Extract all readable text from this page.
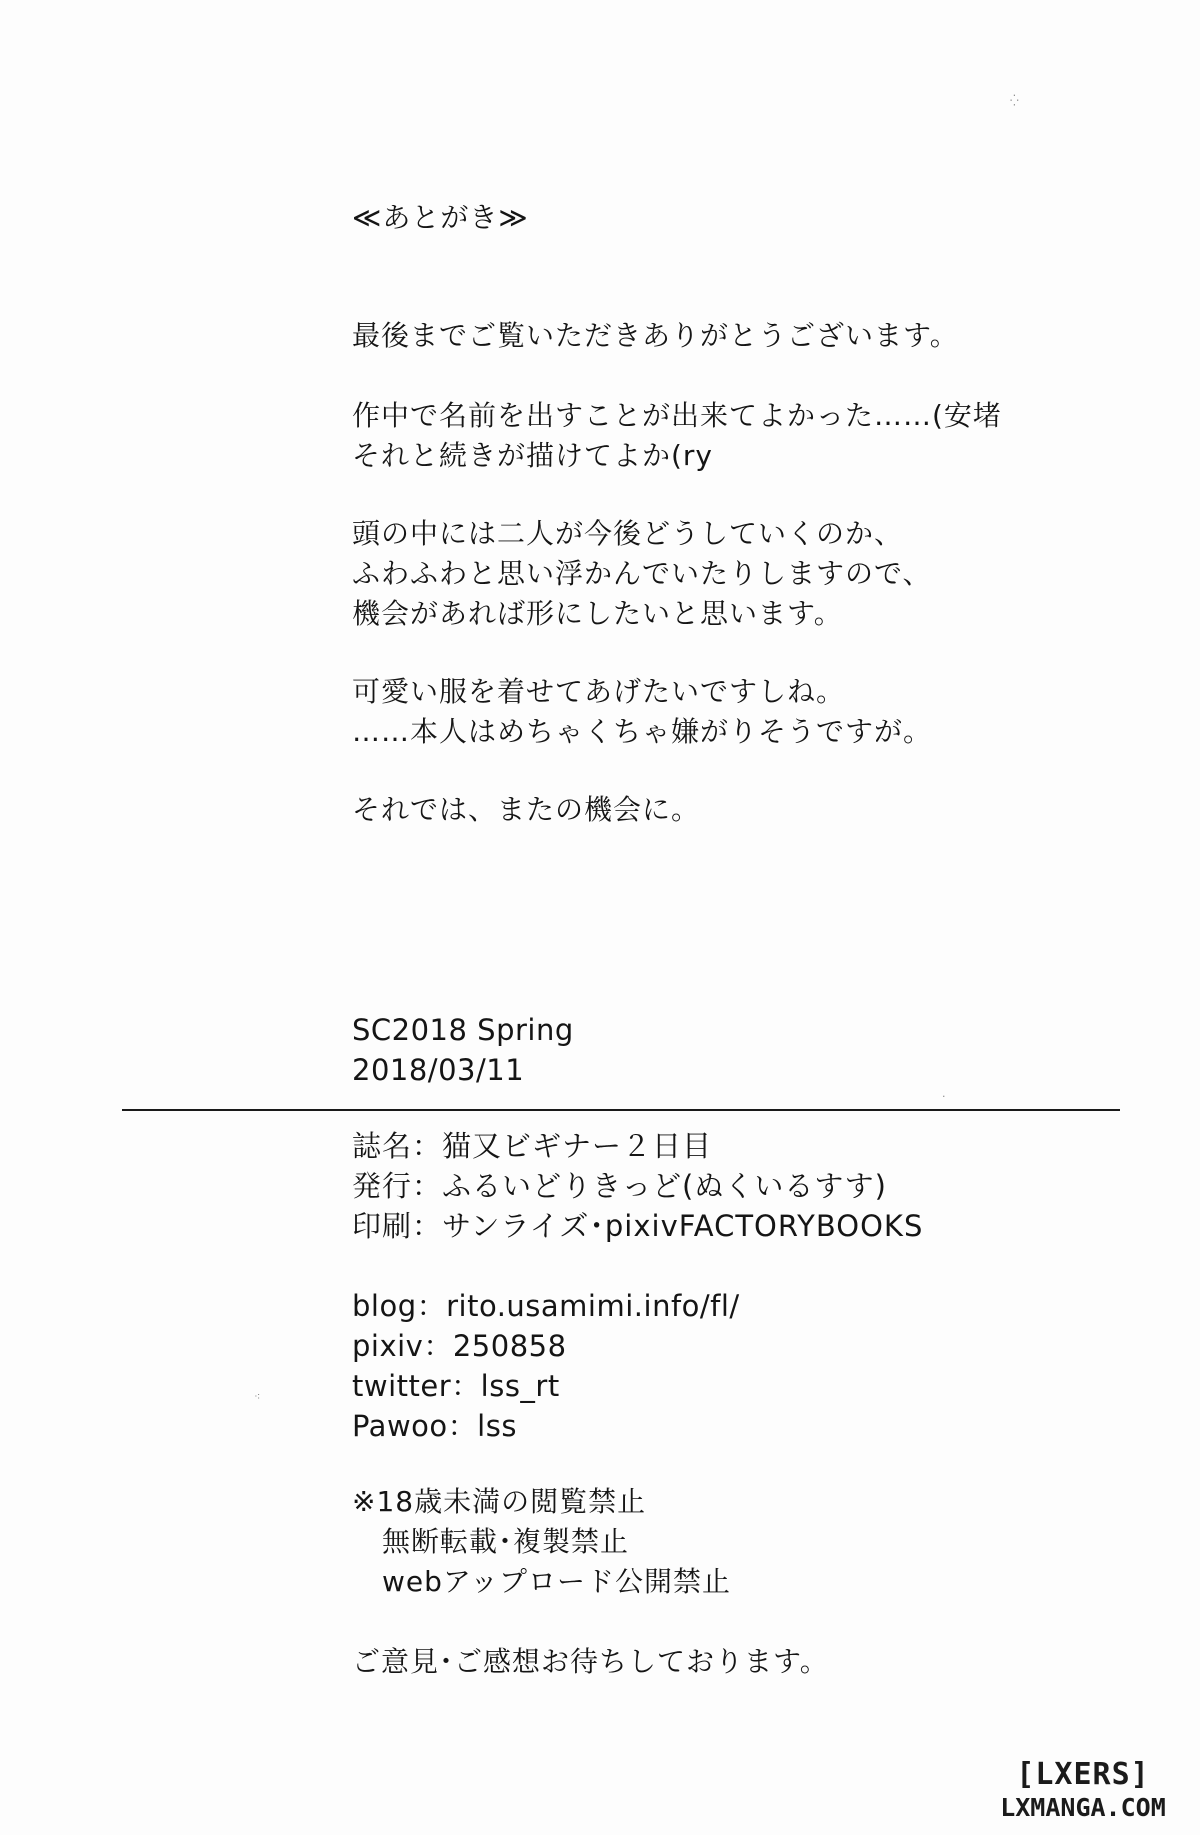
⁛
⁖
·
≪あとがき≫
最後までご覧いただきありがとうございます。
作中で名前を出すことが出来てよかった……(安堵
それと続きが描けてよか(ry
頭の中には二人が今後どうしていくのか、
ふわふわと思い浮かんでいたりしますので、
機会があれば形にしたいと思います。
可愛い服を着せてあげたいですしね。
……本人はめちゃくちゃ嫌がりそうですが。
それでは、またの機会に。
SC2018 Spring
2018/03/11
誌名：猫又ビギナー２日目
発行：ふるいどりきっど(ぬくいるすす)
印刷：サンライズ･pixivFACTORYBOOKS
blog：rito.usamimi.info/fl/
pixiv：250858
twitter：lss_rt
Pawoo：lss
※18歳未満の閲覧禁止
無断転載･複製禁止
webアップロード公開禁止
ご意見･ご感想お待ちしております。
[LXERS]
LXMANGA.COM
